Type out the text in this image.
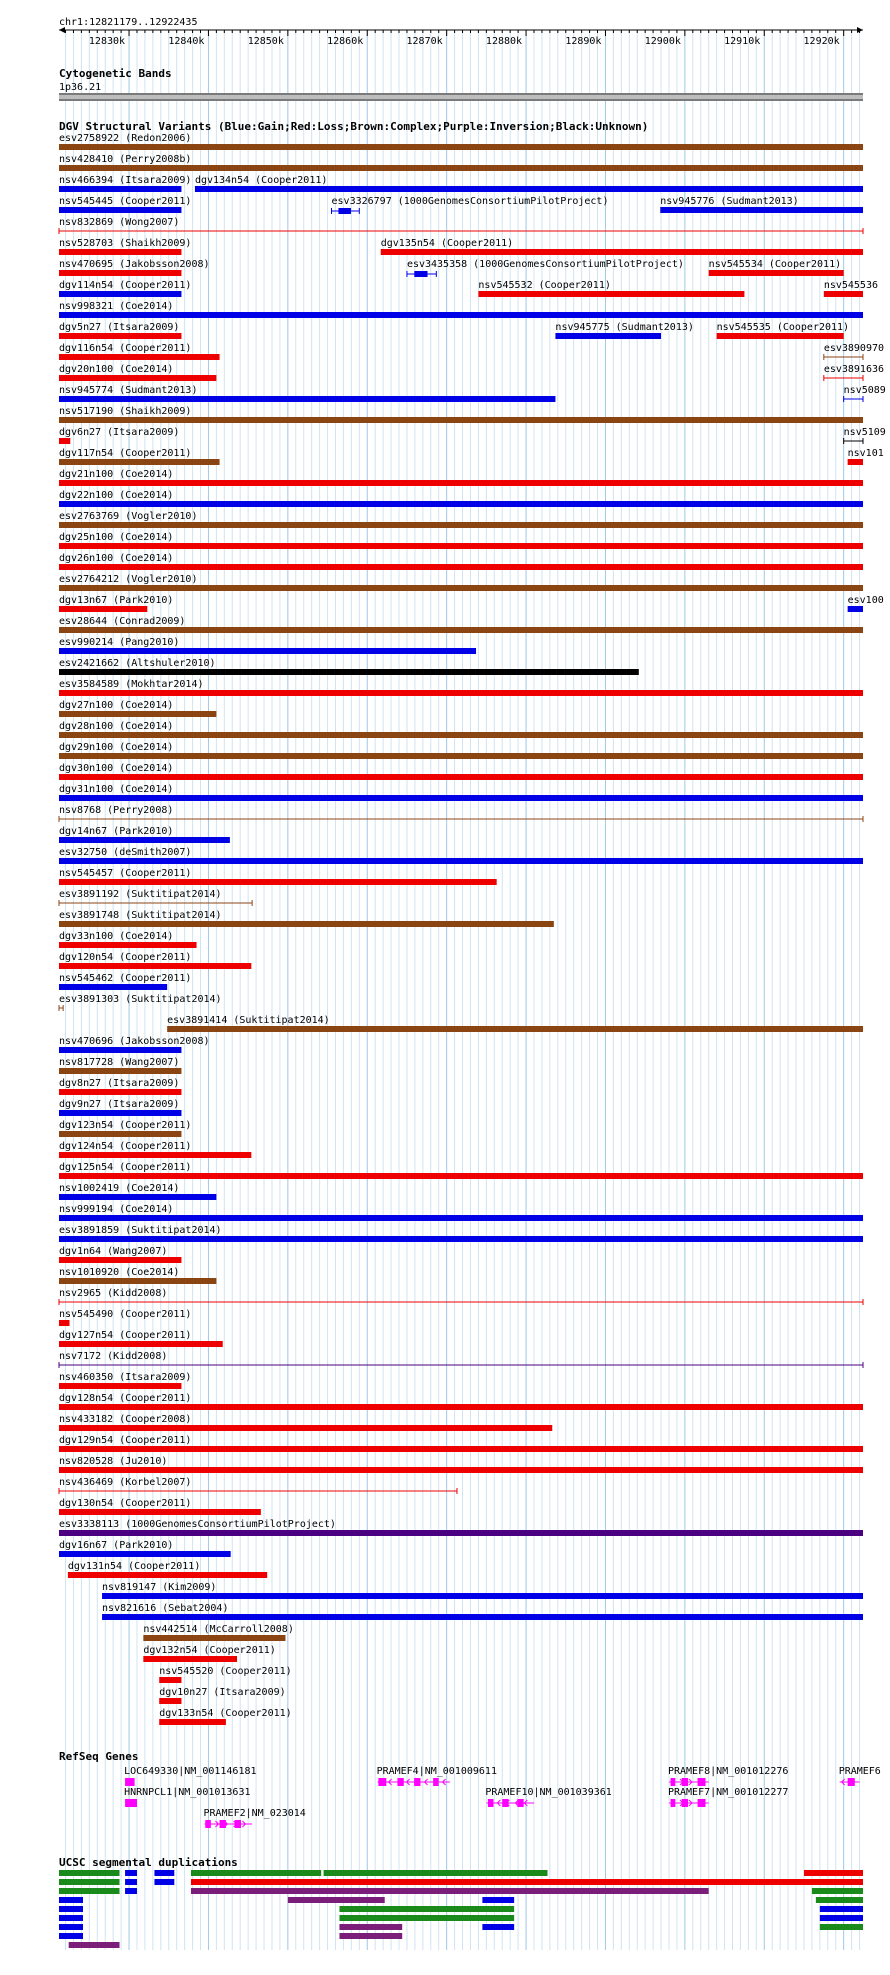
chr1:12821179..12922435
12830k	12840k	12850k	12860k	12870k	12880k	12890k	12900k	12910k	12920k
Cytogenetic Bands
1p36.21
DGV Structural Variants (Blue:Gain;Red:Loss;Brown:Complex;Purple:Inversion;Black:Unknown)
esv2758922 (Redon2006)
nsv428410 (Perry2008b)
nsv466394 (Itsara2009) dgv134n54 (Cooper2011)
nsv545445 (Cooper2011)	esv3326797 (1000GenomesConsortiumPilotProject)	nsv945776 (Sudmant2013)
nsv832869 (Wong2007)
nsv528703 (Shaikh2009)	dgv135n54 (Cooper2011)
nsv470695 (Jakobsson2008)	esv3435358 (1000GenomesConsortiumPilotProject) nsv545534 (Cooper2011)
dgv114n54 (Cooper2011)	nsv545532 (Cooper2011)	nsv545536
nsv998321 (Coe2014)
dgv5n27 (Itsara2009)	nsv945775 (Sudmant2013) nsv545535 (Cooper2011)
dgv116n54 (Cooper2011)	esv3890970
dgv20n100 (Coe2014)	esv3891636
nsv945774 (Sudmant2013)	nsv5089
nsv517190 (Shaikh2009)
dgv6n27 (Itsara2009)	nsv5109
dgv117n54 (Cooper2011)	nsv101
dgv21n100 (Coe2014)
dgv22n100 (Coe2014)
esv2763769 (Vogler2010)
dgv25n100 (Coe2014)
dgv26n100 (Coe2014)
esv2764212 (Vogler2010)
dgv13n67 (Park2010)	esv100
esv28644 (Conrad2009)
esv990214 (Pang2010)
esv2421662 (Altshuler2010)
esv3584589 (Mokhtar2014)
dgv27n100 (Coe2014)
dgv28n100 (Coe2014)
dgv29n100 (Coe2014)
dgv30n100 (Coe2014)
dgv31n100 (Coe2014)
nsv8768 (Perry2008)
dgv14n67 (Park2010)
esv32750 (deSmith2007)
nsv545457 (Cooper2011)
esv3891192 (Suktitipat2014)
esv3891748 (Suktitipat2014)
dgv33n100 (Coe2014)
dgv120n54 (Cooper2011)
nsv545462 (Cooper2011)
esv3891303 (Suktitipat2014)
esv3891414 (Suktitipat2014)
nsv470696 (Jakobsson2008)
nsv817728 (Wang2007)
dgv8n27 (Itsara2009)
dgv9n27 (Itsara2009)
dgv123n54 (Cooper2011)
dgv124n54 (Cooper2011)
dgv125n54 (Cooper2011)
nsv1002419 (Coe2014)
nsv999194 (Coe2014)
esv3891859 (Suktitipat2014)
dgv1n64 (Wang2007)
nsv1010920 (Coe2014)
nsv2965 (Kidd2008)
nsv545490 (Cooper2011)
dgv127n54 (Cooper2011)
nsv7172 (Kidd2008)
nsv460350 (Itsara2009)
dgv128n54 (Cooper2011)
nsv433182 (Cooper2008)
dgv129n54 (Cooper2011)
nsv820528 (Ju2010)
nsv436469 (Korbel2007)
dgv130n54 (Cooper2011)
esv3338113 (1000GenomesConsortiumPilotProject)
dgv16n67 (Park2010)
dgv131n54 (Cooper2011)
nsv819147 (Kim2009)
nsv821616 (Sebat2004)
nsv442514 (McCarroll2008)
dgv132n54 (Cooper2011)
nsv545520 (Cooper2011)
dgv10n27 (Itsara2009)
dgv133n54 (Cooper2011)
RefSeq Genes
LOC649330|NM_001146181	PRAMEF4|NM_001009611	PRAMEF8|NM_001012276	PRAMEF6
HNRNPCL1|NM_001013631	PRAMEF10|NM_001039361	PRAMEF7|NM_001012277
PRAMEF2|NM_023014
UCSC segmental duplications
